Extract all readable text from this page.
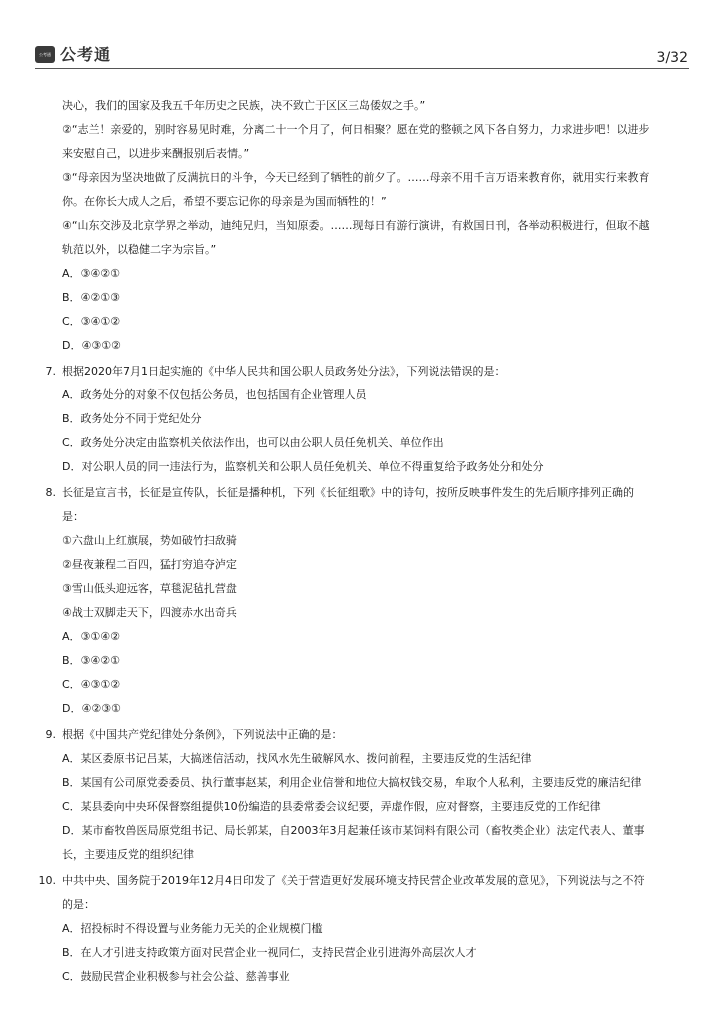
公考通 公考通	3/32
决心，我们的国家及我五千年历史之民族，决不致亡于区区三岛倭奴之手。”
②“志兰！亲爱的，别时容易见时难，分离二十一个月了，何日相聚？愿在党的整顿之风下各自努力，力求进步吧！以进步
来安慰自己，以进步来酬报别后表情。”
③“母亲因为坚决地做了反满抗日的斗争，今天已经到了牺牲的前夕了。……母亲不用千言万语来教育你，就用实行来教育
你。在你长大成人之后，希望不要忘记你的母亲是为国而牺牲的！”
④“山东交涉及北京学界之举动，迪纯兄归，当知原委。……现每日有游行演讲，有救国日刊，各举动积极进行，但取不越
轨范以外，以稳健二字为宗旨。”
A．③④②①
B．④②①③
C．③④①②
D．④③①②
7. 根据2020年7月1日起实施的《中华人民共和国公职人员政务处分法》，下列说法错误的是：
A．政务处分的对象不仅包括公务员，也包括国有企业管理人员
B．政务处分不同于党纪处分
C．政务处分决定由监察机关依法作出，也可以由公职人员任免机关、单位作出
D．对公职人员的同一违法行为，监察机关和公职人员任免机关、单位不得重复给予政务处分和处分
8. 长征是宣言书，长征是宣传队，长征是播种机，下列《长征组歌》中的诗句，按所反映事件发生的先后顺序排列正确的
是：
①六盘山上红旗展，势如破竹扫敌骑
②昼夜兼程二百四，猛打穷追夺泸定
③雪山低头迎远客，草毯泥毡扎营盘
④战士双脚走天下，四渡赤水出奇兵
A．③①④②
B．③④②①
C．④③①②
D．④②③①
9. 根据《中国共产党纪律处分条例》，下列说法中正确的是：
A．某区委原书记吕某，大搞迷信活动，找风水先生破解风水、拨问前程，主要违反党的生活纪律
B．某国有公司原党委委员、执行董事赵某，利用企业信誉和地位大搞权钱交易，牟取个人私利，主要违反党的廉洁纪律
C．某县委向中央环保督察组提供10份编造的县委常委会议纪要，弄虚作假，应对督察，主要违反党的工作纪律
D．某市畜牧兽医局原党组书记、局长郭某，自2003年3月起兼任该市某饲料有限公司（畜牧类企业）法定代表人、董事
长，主要违反党的组织纪律
10. 中共中央、国务院于2019年12月4日印发了《关于营造更好发展环境支持民营企业改革发展的意见》，下列说法与之不符
的是：
A．招投标时不得设置与业务能力无关的企业规模门槛
B．在人才引进支持政策方面对民营企业一视同仁，支持民营企业引进海外高层次人才
C．鼓励民营企业积极参与社会公益、慈善事业
